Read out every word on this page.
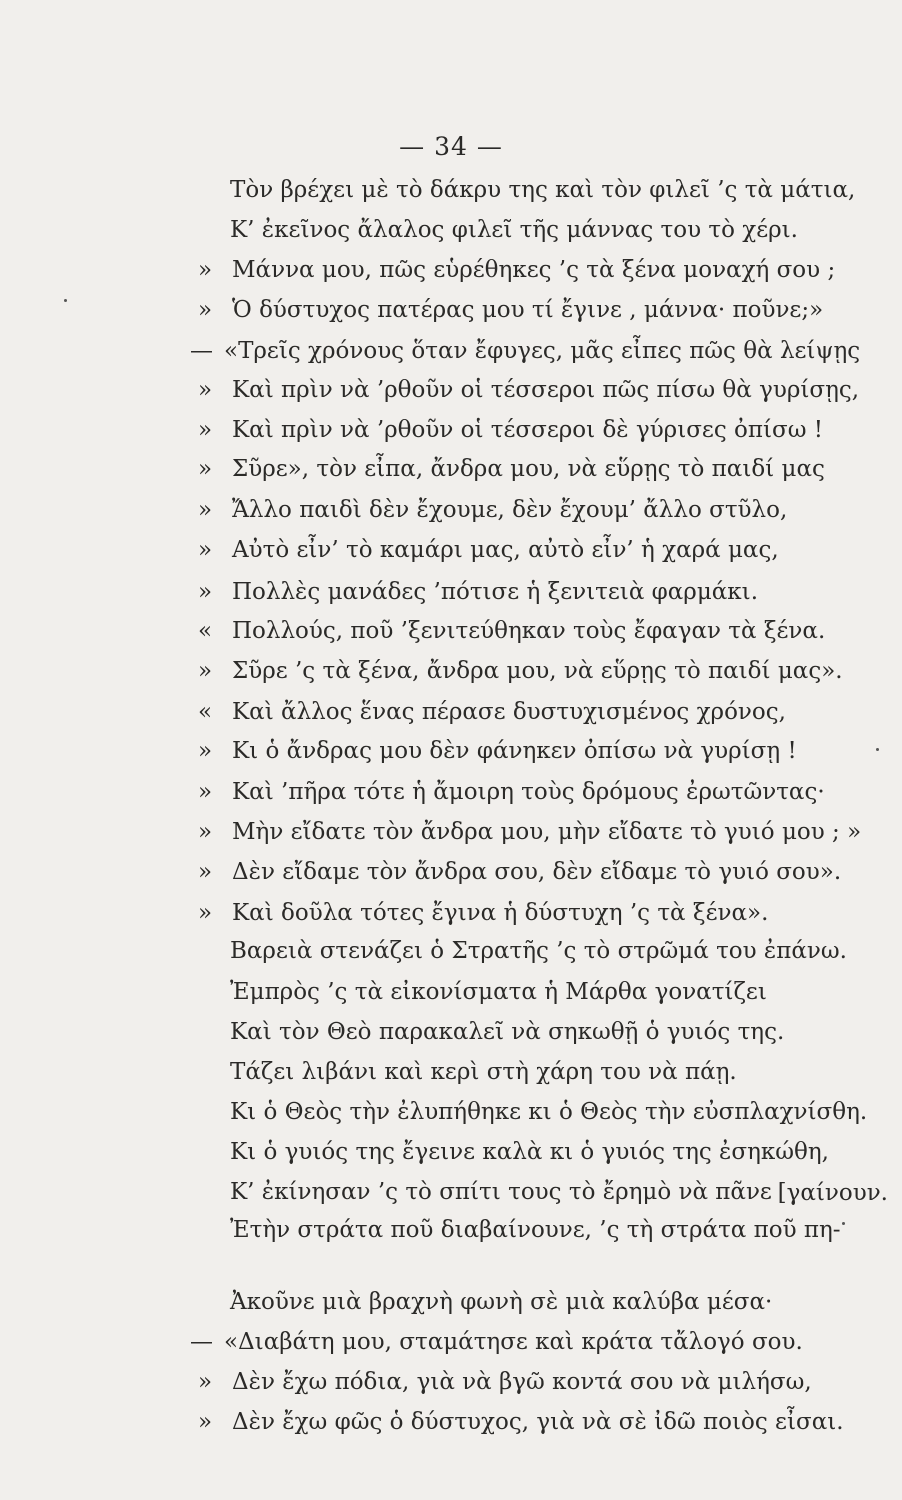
— 34 —
Τὸν βρέχει μὲ τὸ δάκρυ της καὶ τὸν φιλεῖ ’ς τὰ μάτια,
Κ’ ἐκεῖνος ἄλαλος φιλεῖ τῆς μάννας του τὸ χέρι.
» Μάννα μου, πῶς εὑρέθηκες ’ς τὰ ξένα μοναχή σου ;
» Ὁ δύστυχος πατέρας μου τί ἔγινε , μάννα· ποῦνε;»
— «Τρεῖς χρόνους ὅταν ἔφυγες, μᾶς εἶπες πῶς θὰ λείψῃς
» Καὶ πρὶν νὰ ’ρθοῦν οἱ τέσσεροι πῶς πίσω θὰ γυρίσῃς,
» Καὶ πρὶν νὰ ’ρθοῦν οἱ τέσσεροι δὲ γύρισες ὀπίσω !
» Σῦρε», τὸν εἶπα, ἄνδρα μου, νὰ εὕρῃς τὸ παιδί μας
» Ἄλλο παιδὶ δὲν ἔχουμε, δὲν ἔχουμ’ ἄλλο στῦλο,
» Αὐτὸ εἶν’ τὸ καμάρι μας, αὐτὸ εἶν’ ἡ χαρά μας,
» Πολλὲς μανάδες ’πότισε ἡ ξενιτειὰ φαρμάκι.
« Πολλούς, ποῦ ’ξενιτεύθηκαν τοὺς ἔφαγαν τὰ ξένα.
» Σῦρε ’ς τὰ ξένα, ἄνδρα μου, νὰ εὕρῃς τὸ παιδί μας».
« Καὶ ἄλλος ἕνας πέρασε δυστυχισμένος χρόνος,
» Κι ὁ ἄνδρας μου δὲν φάνηκεν ὀπίσω νὰ γυρίσῃ !
» Καὶ ’πῆρα τότε ἡ ἄμοιρη τοὺς δρόμους ἐρωτῶντας·
» Μὴν εἴδατε τὸν ἄνδρα μου, μὴν εἴδατε τὸ γυιό μου ; »
» Δὲν εἴδαμε τὸν ἄνδρα σου, δὲν εἴδαμε τὸ γυιό σου».
» Καὶ δοῦλα τότες ἔγινα ἡ δύστυχη ’ς τὰ ξένα».
Βαρειὰ στενάζει ὁ Στρατῆς ’ς τὸ στρῶμά του ἐπάνω.
Ἐμπρὸς ’ς τὰ εἰκονίσματα ἡ Μάρθα γονατίζει
Καὶ τὸν Θεὸ παρακαλεῖ νὰ σηκωθῇ ὁ γυιός της.
Τάζει λιβάνι καὶ κερὶ στὴ χάρη του νὰ πάῃ.
Κι ὁ Θεὸς τὴν ἐλυπήθηκε κι ὁ Θεὸς τὴν εὐσπλαχνίσθη.
Κι ὁ γυιός της ἔγεινε καλὰ κι ὁ γυιός της ἐσηκώθη,
Κ’ ἐκίνησαν ’ς τὸ σπίτι τους τὸ ἔρημὸ νὰ πᾶνε
Ἐτὴν στράτα ποῦ διαβαίνουνε, ’ς τὴ στράτα ποῦ πη-
Ἀκοῦνε μιὰ βραχνὴ φωνὴ σὲ μιὰ καλύβα μέσα·
— «Διαβάτη μου, σταμάτησε καὶ κράτα τἄλογό σου.
» Δὲν ἔχω πόδια, γιὰ νὰ βγῶ κοντά σου νὰ μιλήσω,
» Δὲν ἔχω φῶς ὁ δύστυχος, γιὰ νὰ σὲ ἰδῶ ποιὸς εἶσαι.
[γαίνουν.
